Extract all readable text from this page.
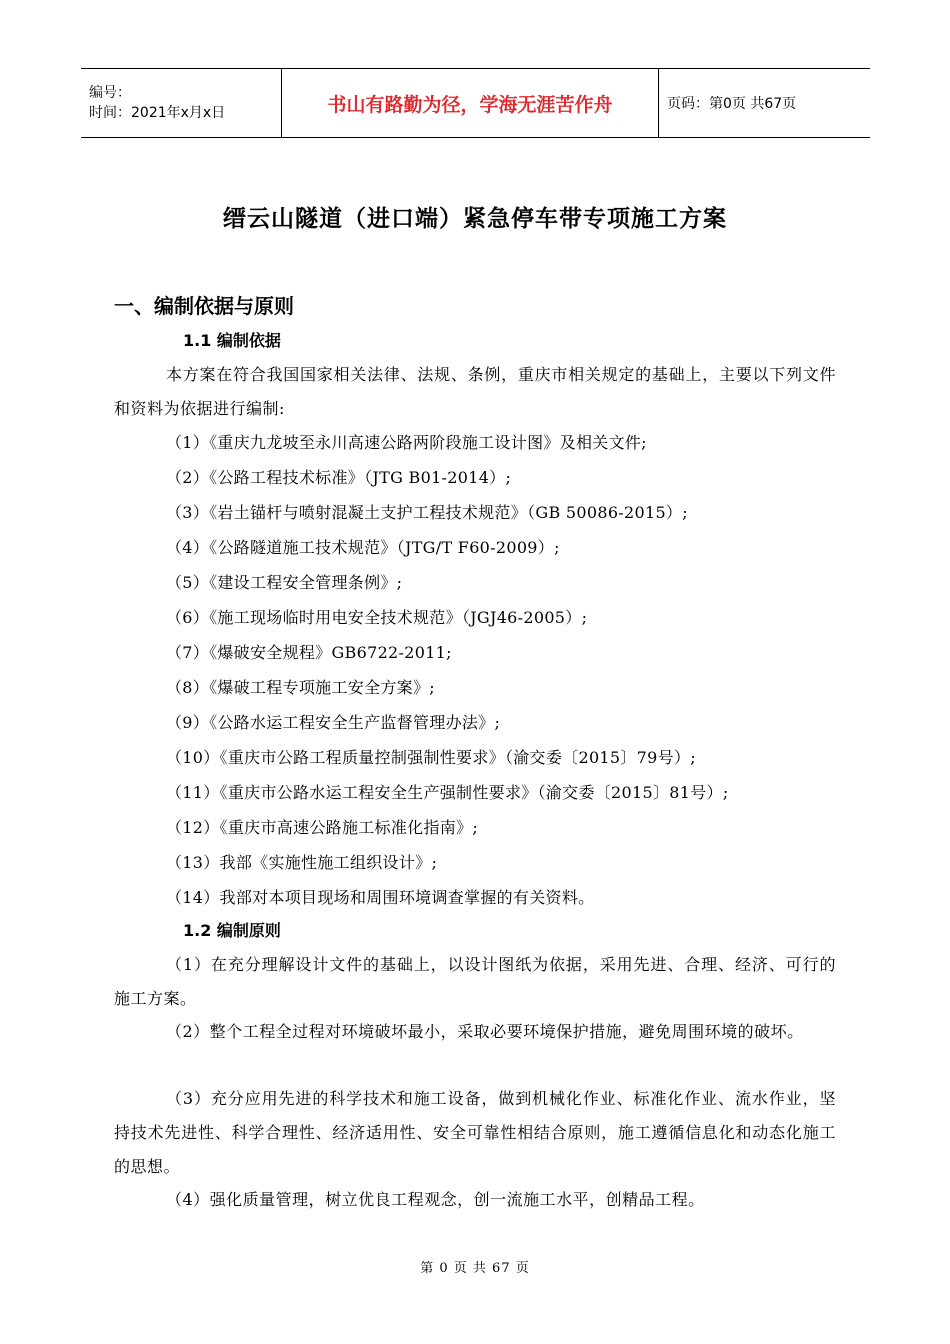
编号：
时间：2021年x月x日	书山有路勤为径，学海无涯苦作舟	页码：第0页 共67页
缙云山隧道（进口端）紧急停车带专项施工方案
一、编制依据与原则
1.1 编制依据
本方案在符合我国国家相关法律、法规、条例，重庆市相关规定的基础上，主要以下列文件和资料为依据进行编制:
（1）《重庆九龙坡至永川高速公路两阶段施工设计图》及相关文件;
（2）《公路工程技术标准》（JTG B01-2014）;
（3）《岩土锚杆与喷射混凝土支护工程技术规范》（GB 50086-2015）;
（4）《公路隧道施工技术规范》（JTG/T F60-2009）;
（5）《建设工程安全管理条例》;
（6）《施工现场临时用电安全技术规范》（JGJ46-2005）;
（7）《爆破安全规程》GB6722-2011;
（8）《爆破工程专项施工安全方案》;
（9）《公路水运工程安全生产监督管理办法》;
（10）《重庆市公路工程质量控制强制性要求》（渝交委〔2015〕79号）;
（11）《重庆市公路水运工程安全生产强制性要求》（渝交委〔2015〕81号）;
（12）《重庆市高速公路施工标准化指南》;
（13）我部《实施性施工组织设计》;
（14）我部对本项目现场和周围环境调查掌握的有关资料。
1.2 编制原则
（1）在充分理解设计文件的基础上，以设计图纸为依据，采用先进、合理、经济、可行的施工方案。
（2）整个工程全过程对环境破坏最小，采取必要环境保护措施，避免周围环境的破坏。
（3）充分应用先进的科学技术和施工设备，做到机械化作业、标准化作业、流水作业，坚持技术先进性、科学合理性、经济适用性、安全可靠性相结合原则，施工遵循信息化和动态化施工的思想。
（4）强化质量管理，树立优良工程观念，创一流施工水平，创精品工程。
第 0 页 共 67 页
